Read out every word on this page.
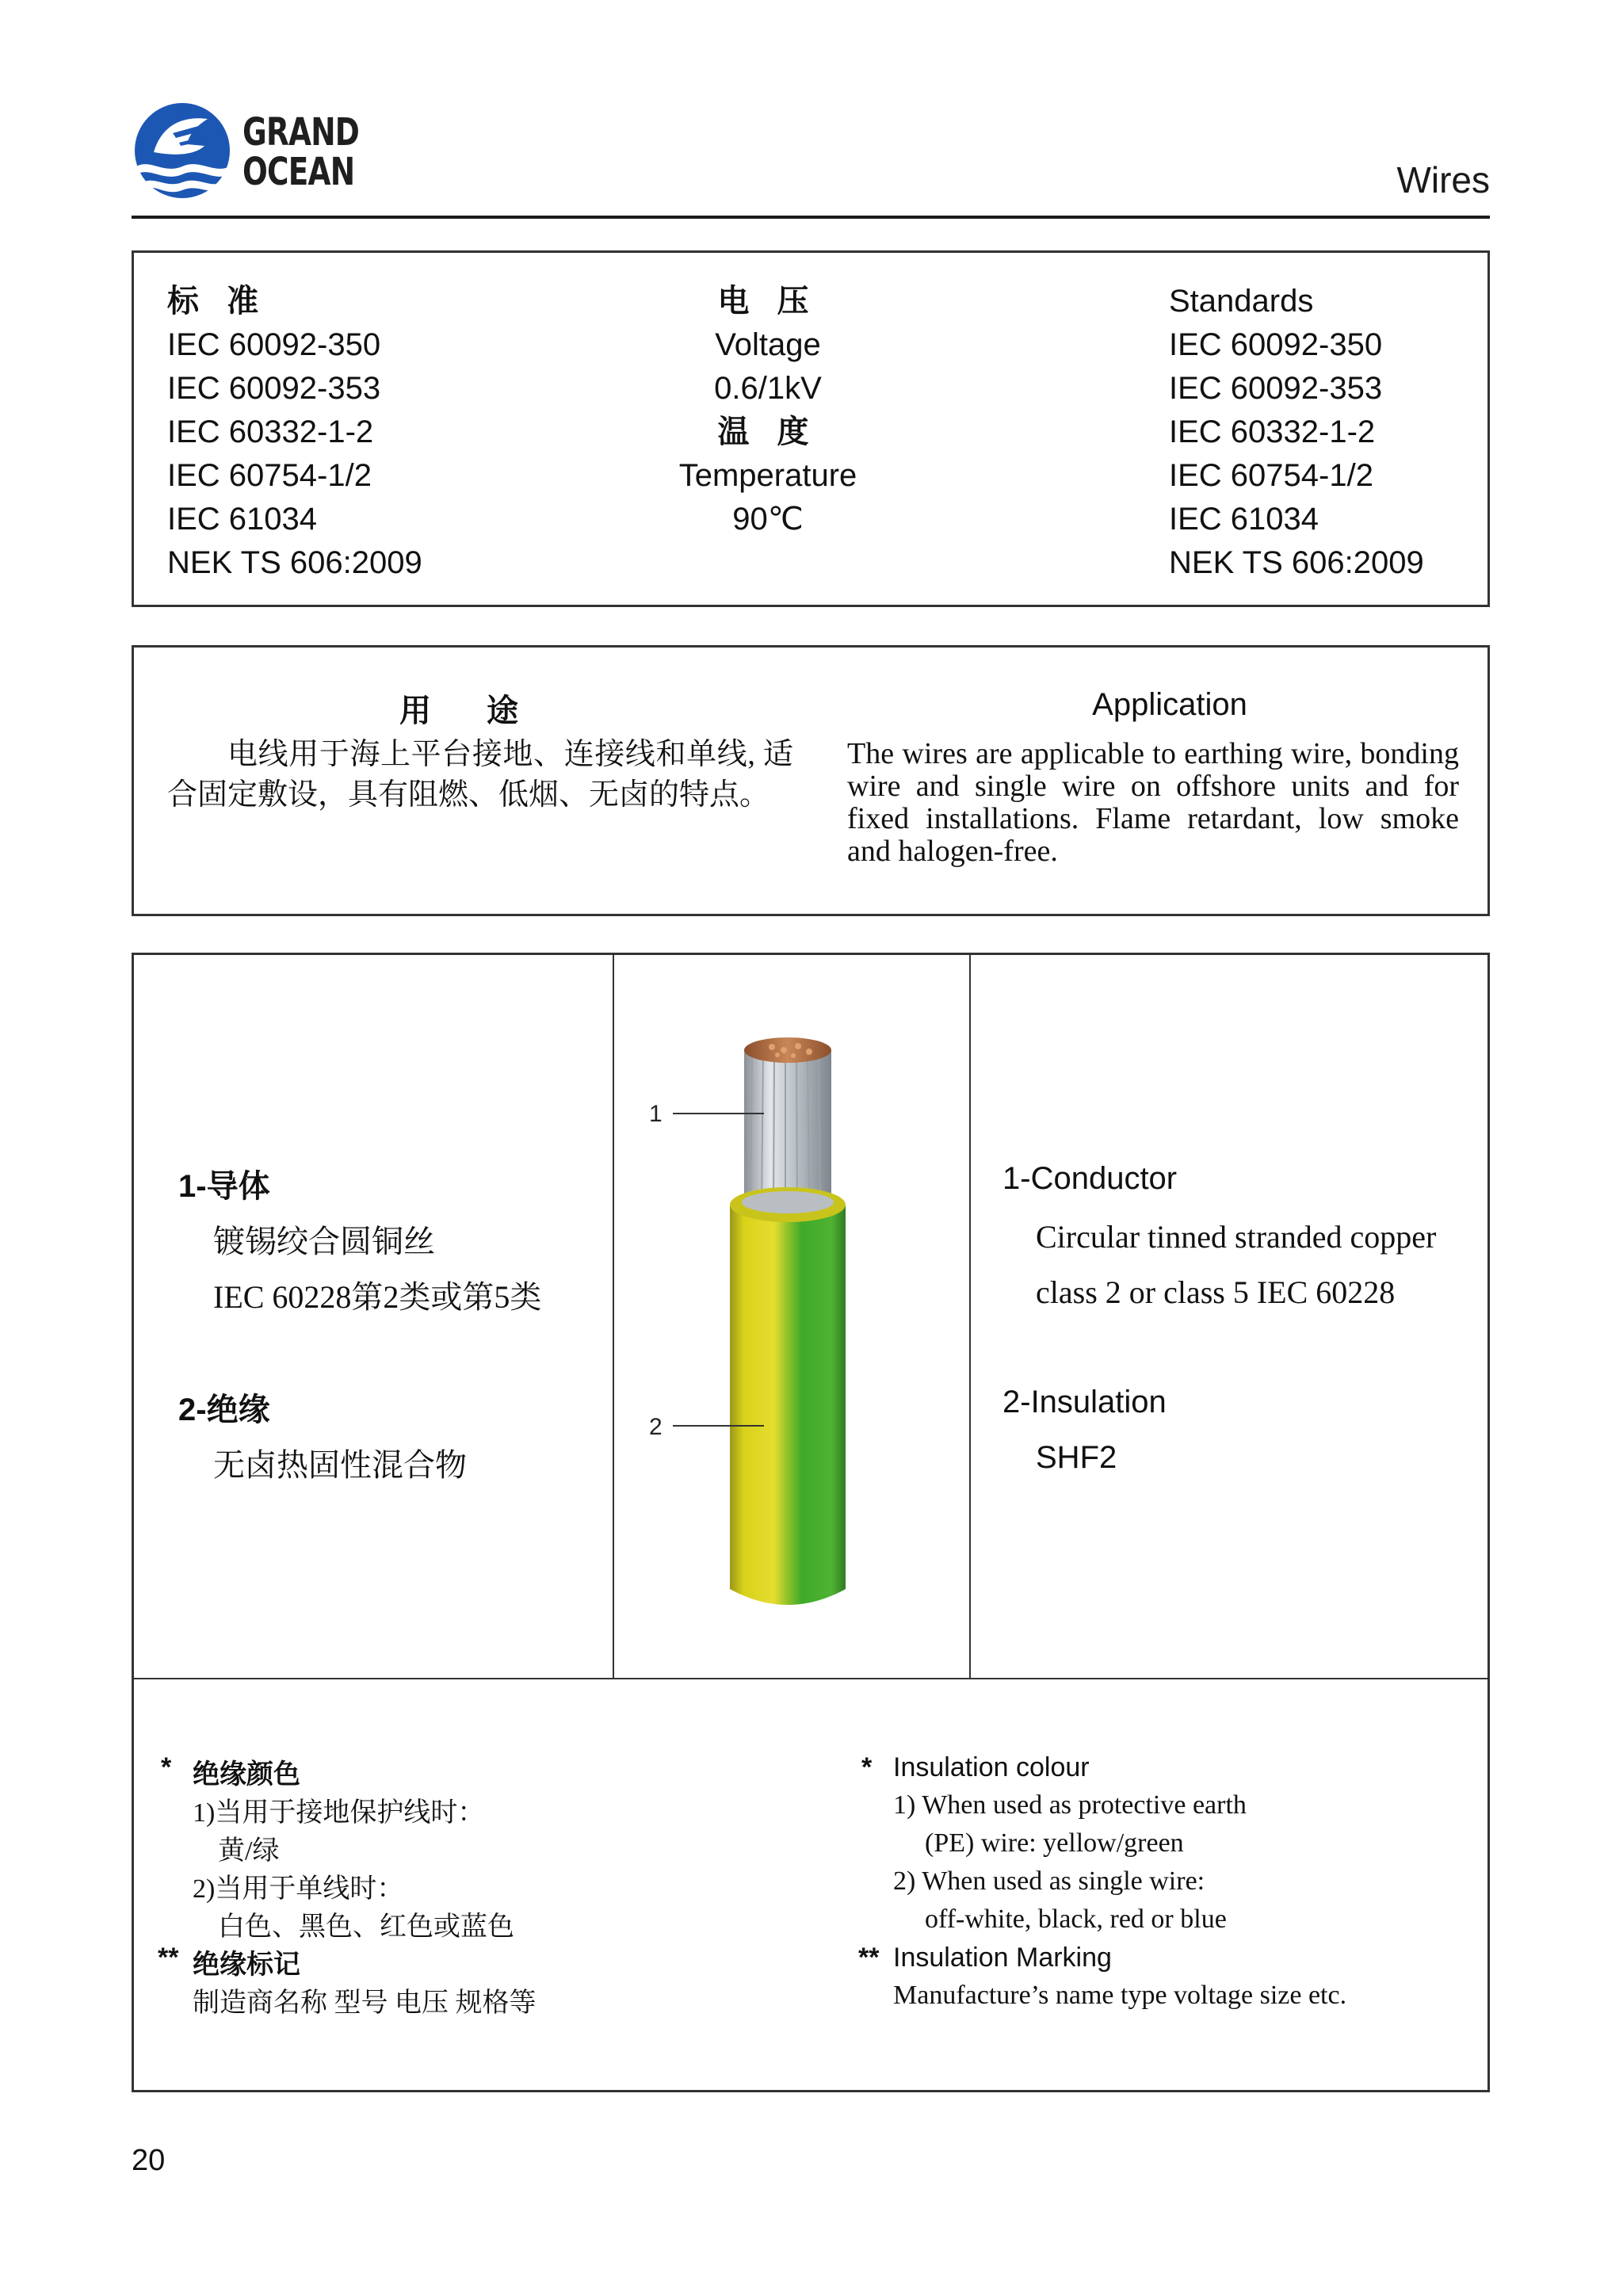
GRAND
OCEAN	Wires
标 准
IEC 60092-350
IEC 60092-353
IEC 60332-1-2
IEC 60754-1/2
IEC 61034
NEK TS 606:2009
电 压
Voltage
0.6/1kV
温 度
Temperature
90℃
Standards
IEC 60092-350
IEC 60092-353
IEC 60332-1-2
IEC 60754-1/2
IEC 61034
NEK TS 606:2009
用途	Application
电线用于海上平台接地、连接线和单线, 适合固定敷设，具有阻燃、低烟、无卤的特点。
The wires are applicable to earthing wire, bonding wire and single wire on offshore units and for fixed installations. Flame retardant, low smoke and halogen-free.
1-导体
镀锡绞合圆铜丝
IEC 60228第2类或第5类
2-绝缘
无卤热固性混合物
1
2
1-Conductor
Circular tinned stranded copper
class 2 or class 5 IEC 60228
2-Insulation
SHF2
* 绝缘颜色
1)当用于接地保护线时：
黄/绿
2)当用于单线时：
白色、黑色、红色或蓝色
** 绝缘标记
制造商名称 型号 电压 规格等
* Insulation colour
1) When used as protective earth
(PE) wire: yellow/green
2) When used as single wire:
off-white, black, red or blue
** Insulation Marking
Manufacture’s name type voltage size etc.
20
